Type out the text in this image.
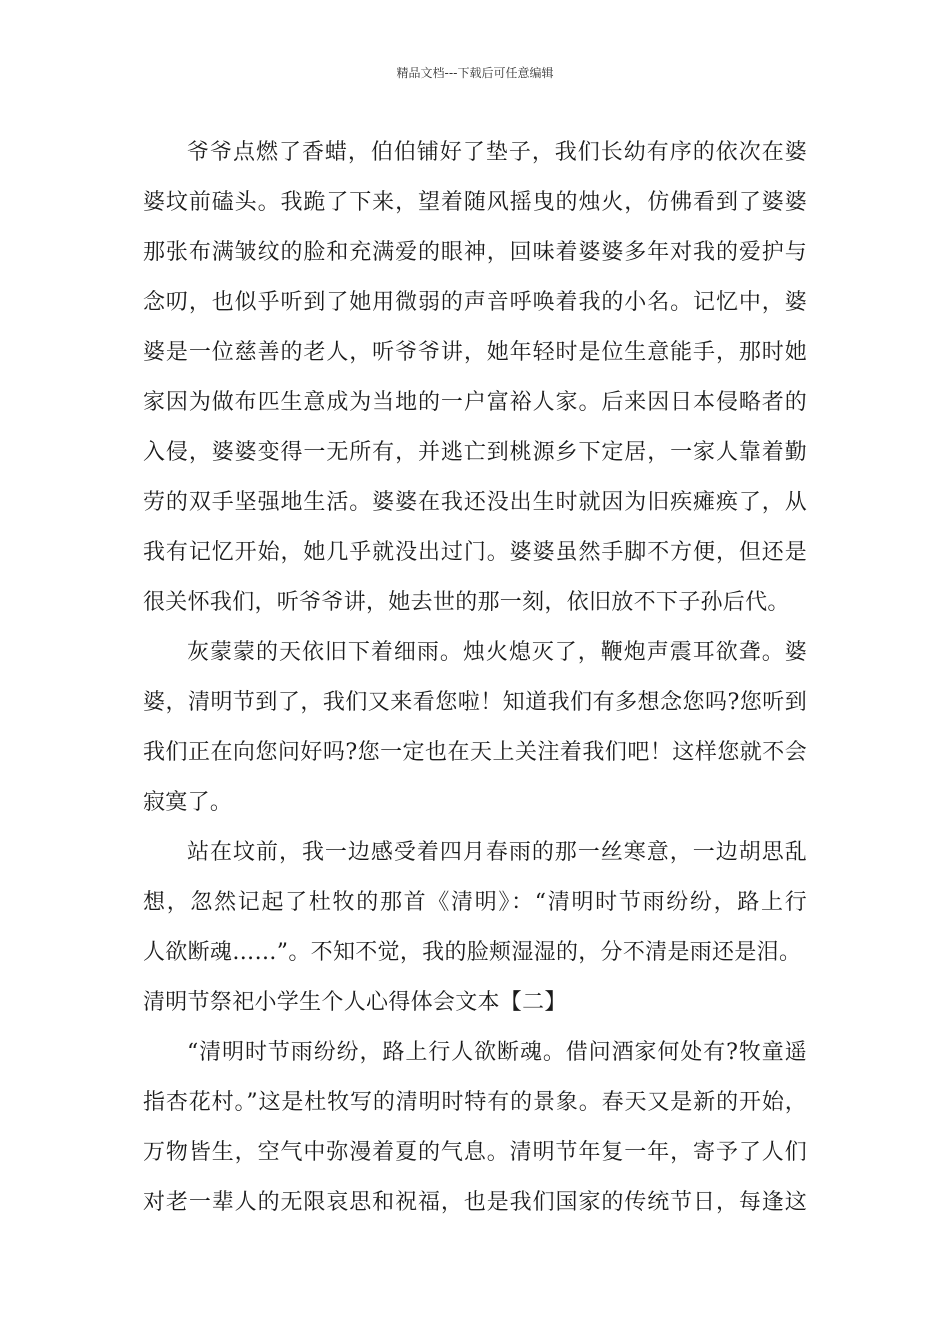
精品文档---下载后可任意编辑
爷爷点燃了香蜡，伯伯铺好了垫子，我们长幼有序的依次在婆
婆坟前磕头。我跪了下来，望着随风摇曳的烛火，仿佛看到了婆婆
那张布满皱纹的脸和充满爱的眼神，回味着婆婆多年对我的爱护与
念叨，也似乎听到了她用微弱的声音呼唤着我的小名。记忆中，婆
婆是一位慈善的老人，听爷爷讲，她年轻时是位生意能手，那时她
家因为做布匹生意成为当地的一户富裕人家。后来因日本侵略者的
入侵，婆婆变得一无所有，并逃亡到桃源乡下定居，一家人靠着勤
劳的双手坚强地生活。婆婆在我还没出生时就因为旧疾瘫痪了，从
我有记忆开始，她几乎就没出过门。婆婆虽然手脚不方便，但还是
很关怀我们，听爷爷讲，她去世的那一刻，依旧放不下子孙后代。
灰蒙蒙的天依旧下着细雨。烛火熄灭了，鞭炮声震耳欲聋。婆
婆，清明节到了，我们又来看您啦！知道我们有多想念您吗?您听到
我们正在向您问好吗?您一定也在天上关注着我们吧！这样您就不会
寂寞了。
站在坟前，我一边感受着四月春雨的那一丝寒意，一边胡思乱
想，忽然记起了杜牧的那首《清明》：“清明时节雨纷纷，路上行
人欲断魂……”。不知不觉，我的脸颊湿湿的，分不清是雨还是泪。
清明节祭祀小学生个人心得体会文本【二】
“清明时节雨纷纷，路上行人欲断魂。借问酒家何处有?牧童遥
指杏花村。”这是杜牧写的清明时特有的景象。春天又是新的开始，
万物皆生，空气中弥漫着夏的气息。清明节年复一年，寄予了人们
对老一辈人的无限哀思和祝福，也是我们国家的传统节日，每逢这
